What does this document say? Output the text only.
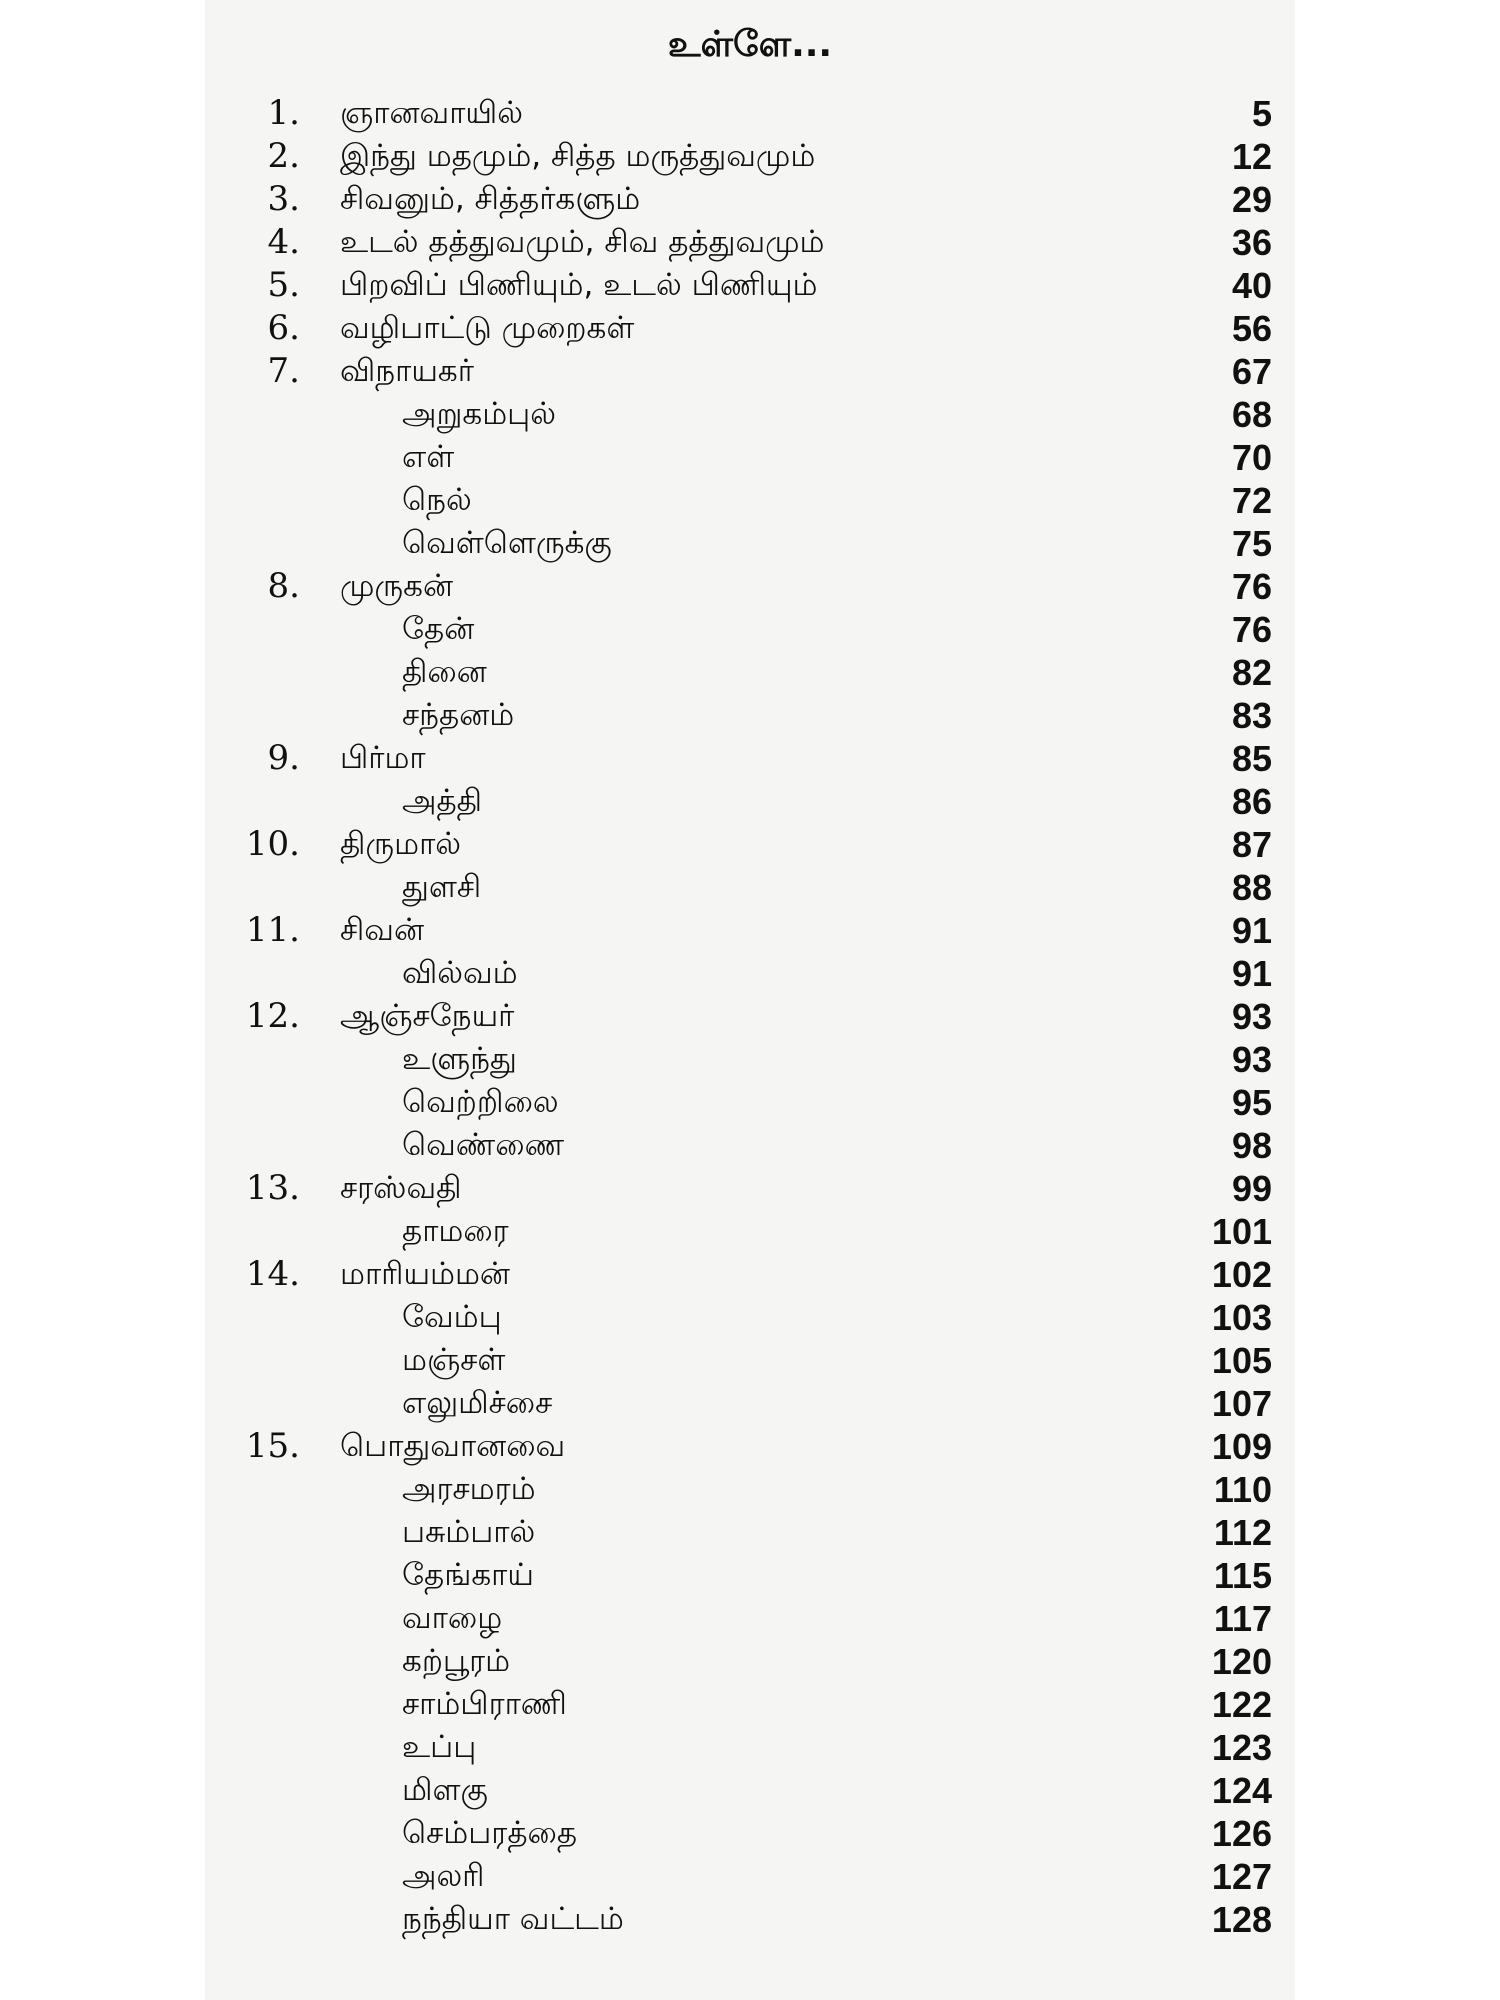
உள்ளே...
1. ஞானவாயில்	5
2. இந்து மதமும், சித்த மருத்துவமும்	12
3. சிவனும், சித்தர்களும்	29
4. உடல் தத்துவமும், சிவ தத்துவமும்	36
5. பிறவிப் பிணியும், உடல் பிணியும்	40
6. வழிபாட்டு முறைகள்	56
7. விநாயகர்	67
அறுகம்புல்	68
எள்	70
நெல்	72
வெள்ளெருக்கு	75
8. முருகன்	76
தேன்	76
தினை	82
சந்தனம்	83
9. பிர்மா	85
அத்தி	86
10. திருமால்	87
துளசி	88
11. சிவன்	91
வில்வம்	91
12. ஆஞ்சநேயர்	93
உளுந்து	93
வெற்றிலை	95
வெண்ணை	98
13. சரஸ்வதி	99
தாமரை	101
14. மாரியம்மன்	102
வேம்பு	103
மஞ்சள்	105
எலுமிச்சை	107
15. பொதுவானவை	109
அரசமரம்	110
பசும்பால்	112
தேங்காய்	115
வாழை	117
கற்பூரம்	120
சாம்பிராணி	122
உப்பு	123
மிளகு	124
செம்பரத்தை	126
அலரி	127
நந்தியா வட்டம்	128
